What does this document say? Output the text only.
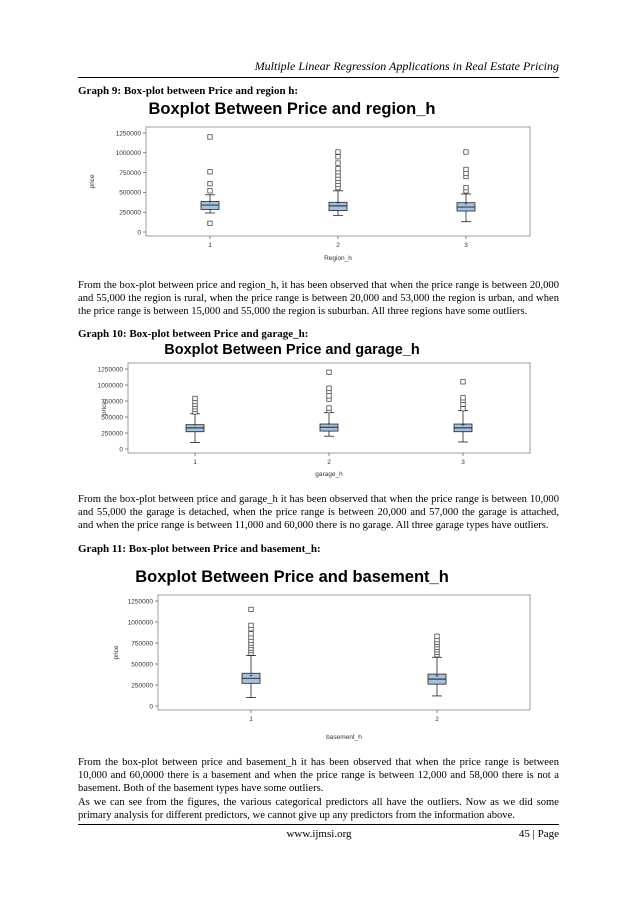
Multiple Linear Regression Applications in Real Estate Pricing
Graph 9: Box-plot between Price and region h:
Boxplot Between Price and region_h
0
250000
500000
750000
1000000
1250000
price
Region_h
1
+
2
+
3
+

From the box-plot between price and region_h, it has been observed that when the price range is between 20,000 and 55,000 the region is rural, when the price range is between 20,000 and 53,000 the region is urban, and when the price range is between 15,000 and 55,000 the region is suburban. All three regions have some outliers.

Graph 10: Box-plot between Price and garage_h:
Boxplot Between Price and garage_h
0
250000
500000
750000
1000000
1250000
price
garage_h
1
+
2
+
3
+

From the box-plot between price and garage_h it has been observed that when the price range is between 10,000 and 55,000 the garage is detached, when the price range is between 20,000 and 57,000 the garage is attached, and when the price range is between 11,000 and 60,000 there is no garage. All three garage types have outliers.

Graph 11: Box-plot between Price and basement_h:
Boxplot Between Price and basement_h
0
250000
500000
750000
1000000
1250000
price
basement_h
1
+
2
+

From the box-plot between price and basement_h it has been observed that when the price range is between 10,000 and 60,0000 there is a basement and when the price range is between 12,000 and 58,000 there is not a basement. Both of the basement types have some outliers.

As we can see from the figures, the various categorical predictors all have the outliers. Now as we did some primary analysis for different predictors, we cannot give up any predictors from the information above.

www.ijmsi.org	45 | Page
